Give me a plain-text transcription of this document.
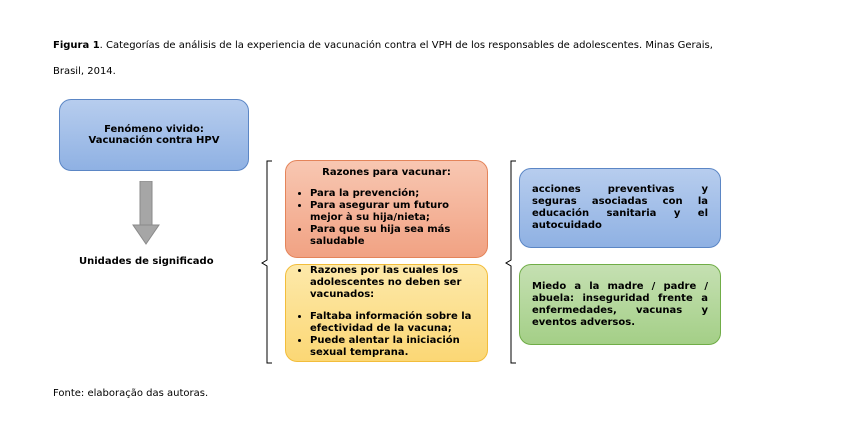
Figura 1. Categorías de análisis de la experiencia de vacunación contra el VPH de los responsables de adolescentes. Minas Gerais,
Brasil, 2014.
Fenómeno vivido:
Vacunación contra HPV
Unidades de significado
Razones para vacunar:
• Para la prevención;
• Para asegurar um futuro mejor à su hija/nieta;
• Para que su hija sea más saludable
• Razones por las cuales los adolescentes no deben ser vacunados:
• Faltaba información sobre la efectividad de la vacuna;
• Puede alentar la iniciación sexual temprana.
acciones preventivas y seguras asociadas con la educación sanitaria y el autocuidado
Miedo a la madre / padre / abuela: inseguridad frente a enfermedades, vacunas y eventos adversos.
Fonte: elaboração das autoras.
